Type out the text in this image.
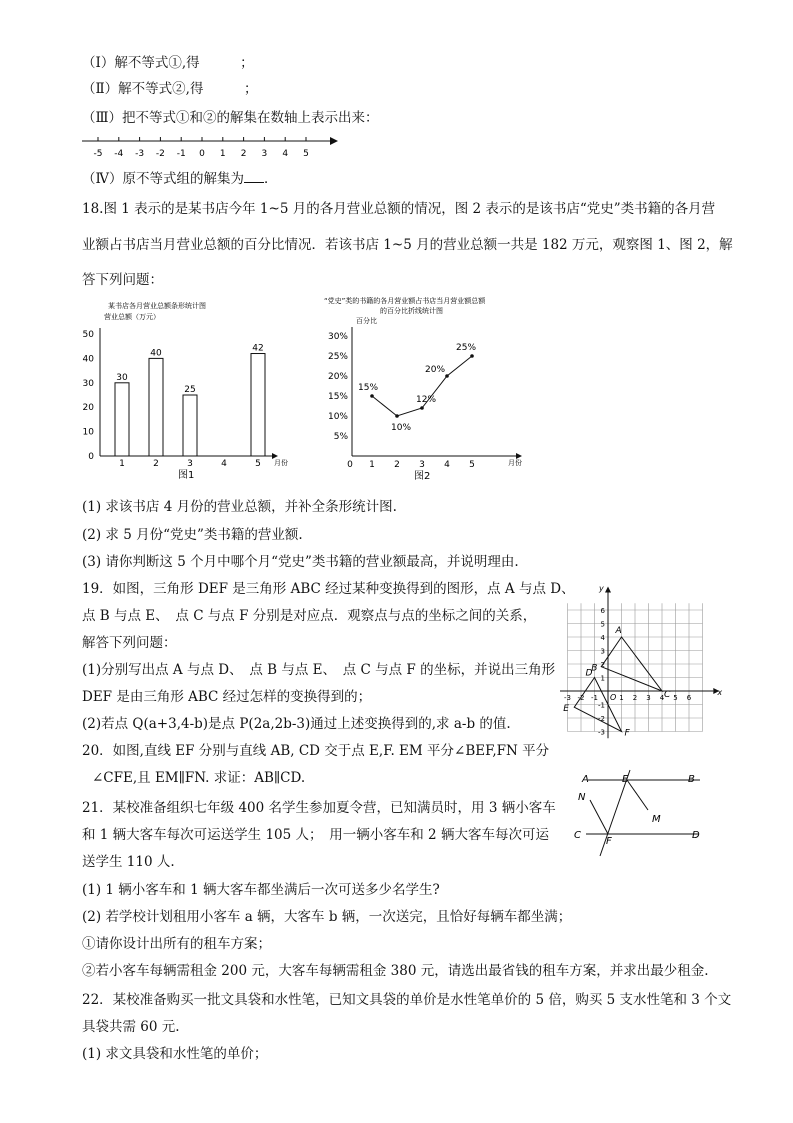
（Ⅰ）解不等式①,得　　　；
（Ⅱ）解不等式②,得　　　；
（Ⅲ）把不等式①和②的解集在数轴上表示出来：
-5 -4 -3 -2 -1 0 1 2 3 4 5
（Ⅳ）原不等式组的解集为 ．
18.图 1 表示的是某书店今年 1~5 月的各月营业总额的情况，图 2 表示的是该书店“党史”类书籍的各月营
业额占书店当月营业总额的百分比情况．若该书店 1~5 月的营业总额一共是 182 万元，观察图 1、图 2，解
答下列问题：
某书店各月营业总额条形统计图
营业总额（万元）
0
10
20
30
40
50
30
1
40
2
25
3	4
42
5 月份
图1
“党史”类的书籍的各月营业额占书店当月营业额总额
的百分比折线统计图
百分比
5%
10%
15%
20%
25%
30%
0 1 2 3 4 5
15%
10%
12%
20%
25%
月份
图2
(1) 求该书店 4 月份的营业总额，并补全条形统计图.
(2) 求 5 月份“党史”类书籍的营业额.
(3) 请你判断这 5 个月中哪个月“党史”类书籍的营业额最高，并说明理由.
19．如图，三角形 DEF 是三角形 ABC 经过某种变换得到的图形，点 A 与点 D、
点 B 与点 E、　点 C 与点 F 分别是对应点．观察点与点的坐标之间的关系，
解答下列问题：
(1)分别写出点 A 与点 D、　点 B 与点 E、　点 C 与点 F 的坐标，并说出三角形
DEF 是由三角形 ABC 经过怎样的变换得到的；
(2)若点 Q(a+3,4-b)是点 P(2a,2b-3)通过上述变换得到的,求 a-b 的值.
x
y
O
-3 -2 -1	1 2 3 4 5 6
6
5
4
3
2
1
-1
-2
-3
A
B
C
D
E
F
20．如图,直线 EF 分别与直线 AB, CD 交于点 E,F. EM 平分∠BEF,FN 平分
∠CFE,且 EM∥FN. 求证：AB∥CD.	A	E	B
N
M
C
F
D
21．某校准备组织七年级 400 名学生参加夏令营，已知满员时，用 3 辆小客车
和 1 辆大客车每次可运送学生 105 人；　用一辆小客车和 2 辆大客车每次可运
送学生 110 人.
(1) 1 辆小客车和 1 辆大客车都坐满后一次可送多少名学生?
(2) 若学校计划租用小客车 a 辆，大客车 b 辆，一次送完，且恰好每辆车都坐满；
①请你设计出所有的租车方案；
②若小客车每辆需租金 200 元，大客车每辆需租金 380 元，请选出最省钱的租车方案，并求出最少租金.
22．某校准备购买一批文具袋和水性笔，已知文具袋的单价是水性笔单价的 5 倍，购买 5 支水性笔和 3 个文
具袋共需 60 元.
(1) 求文具袋和水性笔的单价；
